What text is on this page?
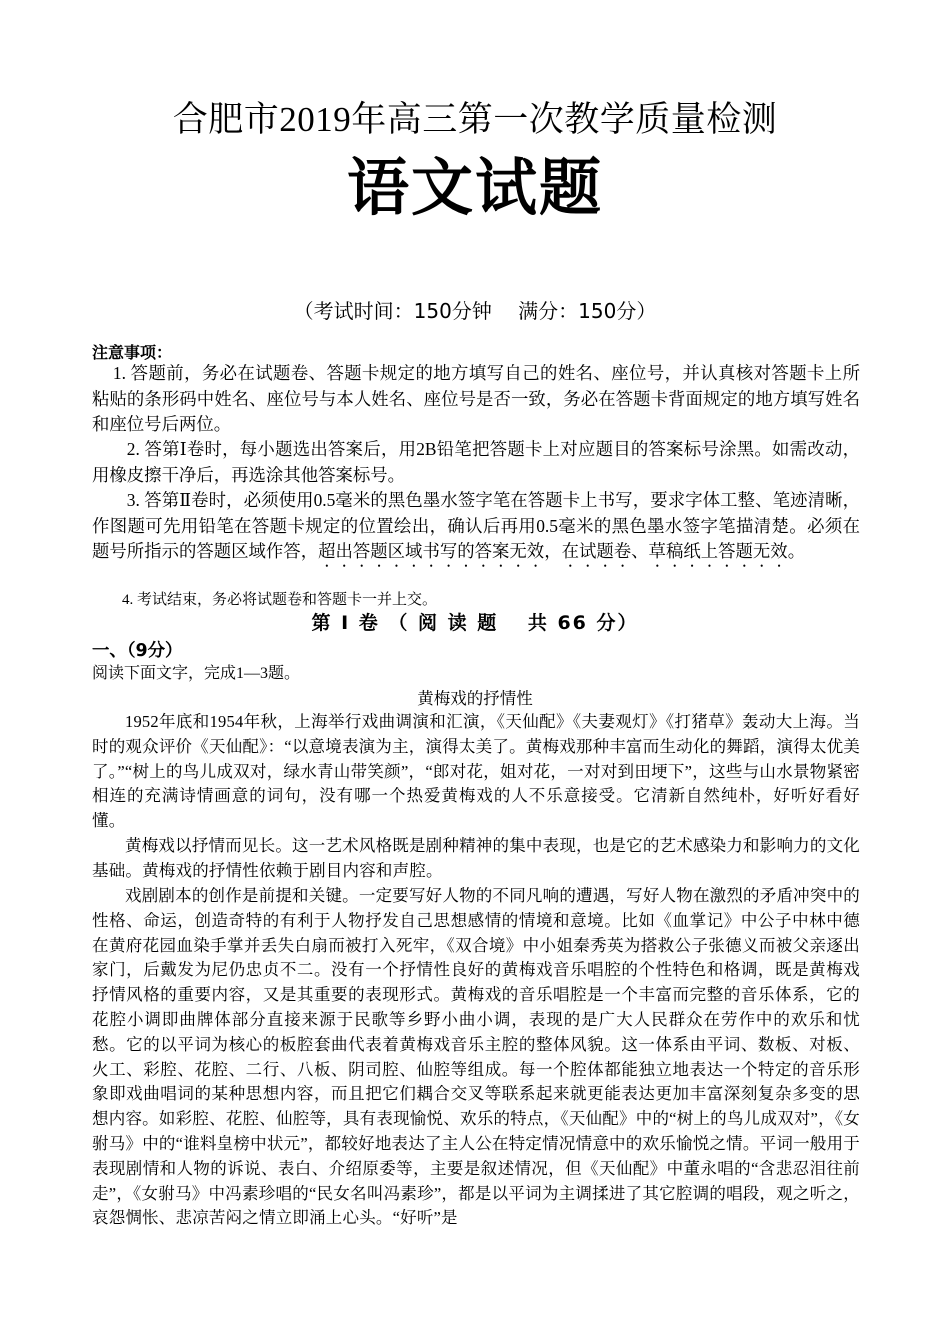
合肥市2019年高三第一次教学质量检测
语文试题
（考试时间：150分钟　 满分：150分）
注意事项：

1. 答题前，务必在试题卷、答题卡规定的地方填写自己的姓名、座位号，并认真核对答题卡上所粘贴的条形码中姓名、座位号与本人姓名、座位号是否一致，务必在答题卡背面规定的地方填写姓名和座位号后两位。

2. 答第Ⅰ卷时，每小题选出答案后，用2B铅笔把答题卡上对应题目的答案标号涂黑。如需改动，用橡皮擦干净后，再选涂其他答案标号。

3. 答第Ⅱ卷时，必须使用0.5毫米的黑色墨水签字笔在答题卡上书写，要求字体工整、笔迹清晰，作图题可先用铅笔在答题卡规定的位置绘出，确认后再用0.5毫米的黑色墨水签字笔描清楚。必须在题号所指示的答题区域作答，超出答题区域书写的答案无效，在试题卷、草稿纸上答题无效。

4. 考试结束，务必将试题卷和答题卡一并上交。

第 Ⅰ 卷 （ 阅 读 题　 共 66 分）
一、（9分）
阅读下面文字，完成1—3题。
黄梅戏的抒情性

1952年底和1954年秋，上海举行戏曲调演和汇演，《天仙配》《夫妻观灯》《打猪草》轰动大上海。当时的观众评价《天仙配》：“以意境表演为主，演得太美了。黄梅戏那种丰富而生动化的舞蹈，演得太优美了。”“树上的鸟儿成双对，绿水青山带笑颜”，“郎对花，姐对花，一对对到田埂下”，这些与山水景物紧密相连的充满诗情画意的词句，没有哪一个热爱黄梅戏的人不乐意接受。它清新自然纯朴，好听好看好懂。

黄梅戏以抒情而见长。这一艺术风格既是剧种精神的集中表现，也是它的艺术感染力和影响力的文化基础。黄梅戏的抒情性依赖于剧目内容和声腔。

戏剧剧本的创作是前提和关键。一定要写好人物的不同凡响的遭遇，写好人物在激烈的矛盾冲突中的性格、命运，创造奇特的有利于人物抒发自己思想感情的情境和意境。比如《血掌记》中公子中林中德在黄府花园血染手掌并丢失白扇而被打入死牢，《双合境》中小姐秦秀英为搭救公子张德义而被父亲逐出家门，后戴发为尼仍忠贞不二。没有一个抒情性良好的黄梅戏音乐唱腔的个性特色和格调，既是黄梅戏抒情风格的重要内容，又是其重要的表现形式。黄梅戏的音乐唱腔是一个丰富而完整的音乐体系，它的花腔小调即曲牌体部分直接来源于民歌等乡野小曲小调，表现的是广大人民群众在劳作中的欢乐和忧愁。它的以平词为核心的板腔套曲代表着黄梅戏音乐主腔的整体风貌。这一体系由平词、数板、对板、火工、彩腔、花腔、二行、八板、阴司腔、仙腔等组成。每一个腔体都能独立地表达一个特定的音乐形象即戏曲唱词的某种思想内容，而且把它们耦合交叉等联系起来就更能表达更加丰富深刻复杂多变的思想内容。如彩腔、花腔、仙腔等，具有表现愉悦、欢乐的特点，《天仙配》中的“树上的鸟儿成双对”，《女驸马》中的“谁料皇榜中状元”，都较好地表达了主人公在特定情况情意中的欢乐愉悦之情。平词一般用于表现剧情和人物的诉说、表白、介绍原委等，主要是叙述情况，但《天仙配》中董永唱的“含悲忍泪往前走”，《女驸马》中冯素珍唱的“民女名叫冯素珍”，都是以平词为主调揉进了其它腔调的唱段，观之听之，哀怨惆怅、悲凉苦闷之情立即涌上心头。“好听”是
